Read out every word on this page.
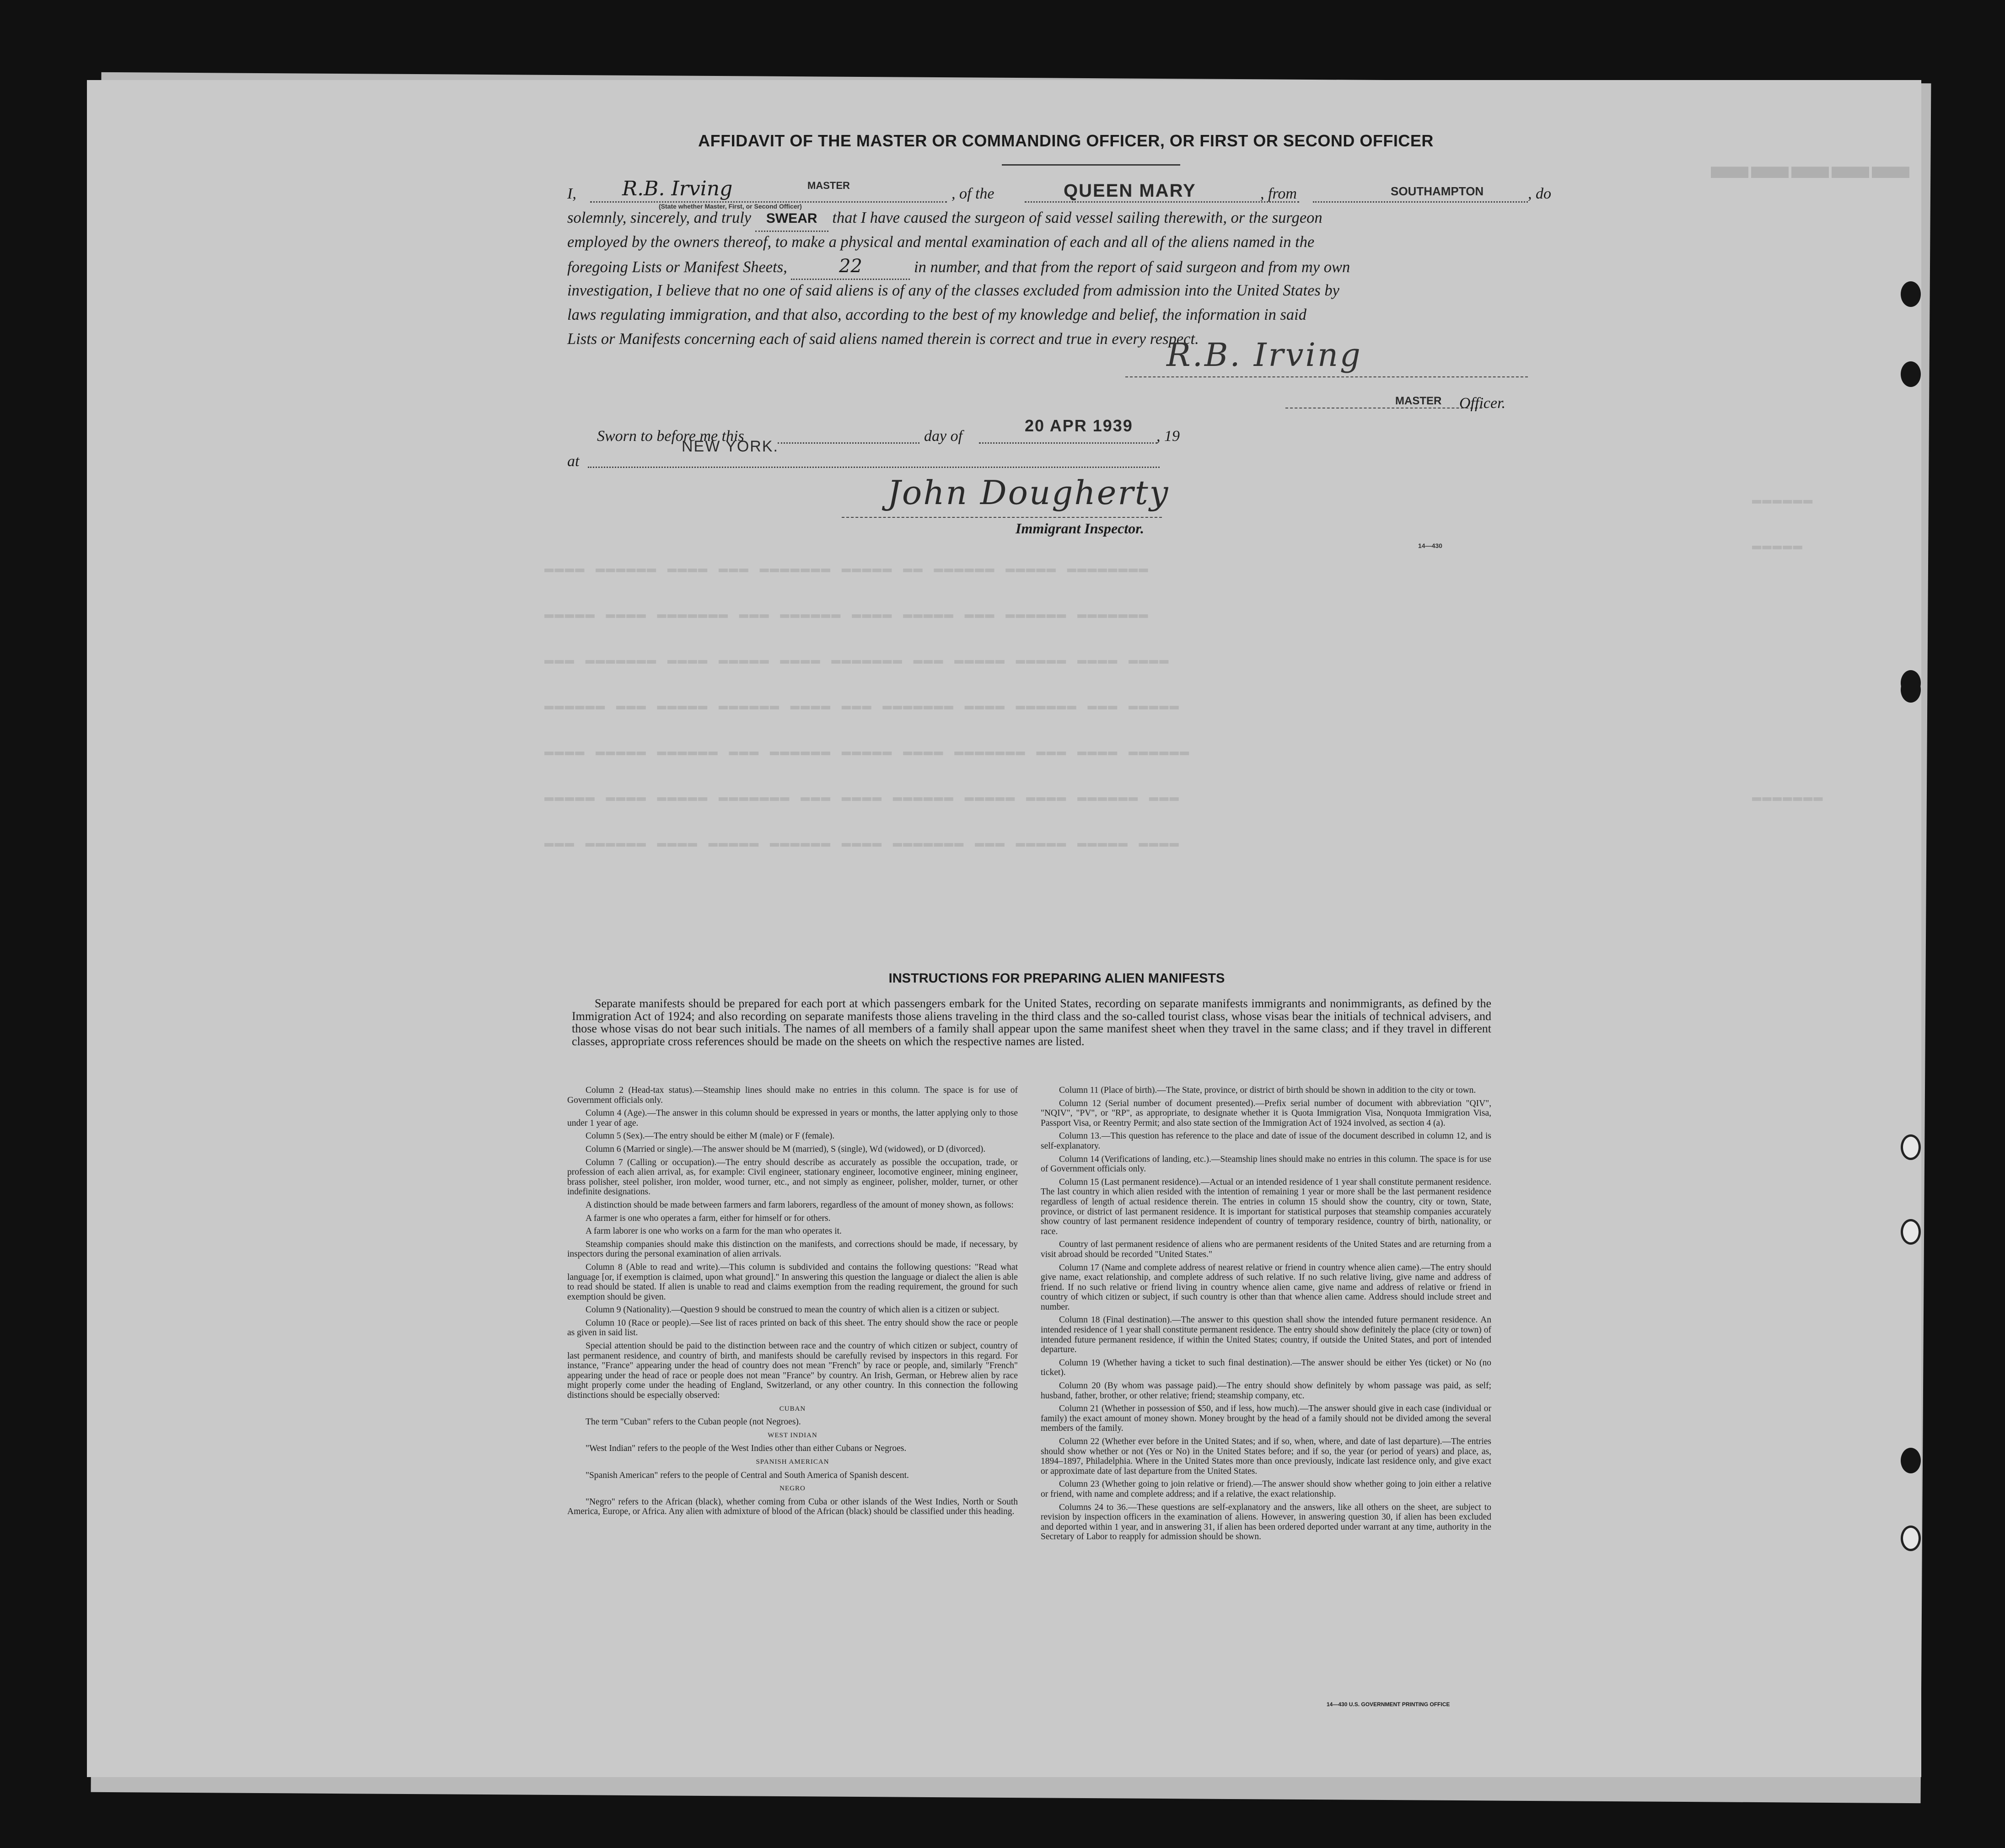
▬▬▬▬▬
▬▬▬▬ ▬▬▬▬▬▬ ▬▬▬▬ ▬▬▬ ▬▬▬▬▬▬▬ ▬▬▬▬▬ ▬▬ ▬▬▬▬▬▬ ▬▬▬▬▬ ▬▬▬▬▬▬▬▬
▬▬▬▬▬ ▬▬▬▬ ▬▬▬▬▬▬▬ ▬▬▬ ▬▬▬▬▬▬ ▬▬▬▬ ▬▬▬▬▬ ▬▬▬ ▬▬▬▬▬▬ ▬▬▬▬▬▬▬
▬▬▬ ▬▬▬▬▬▬▬ ▬▬▬▬ ▬▬▬▬▬ ▬▬▬▬ ▬▬▬▬▬▬▬ ▬▬▬ ▬▬▬▬▬ ▬▬▬▬▬ ▬▬▬▬ ▬▬▬▬
▬▬▬▬▬▬ ▬▬▬ ▬▬▬▬▬ ▬▬▬▬▬▬ ▬▬▬▬ ▬▬▬ ▬▬▬▬▬▬▬ ▬▬▬▬ ▬▬▬▬▬▬ ▬▬▬ ▬▬▬▬▬
▬▬▬▬ ▬▬▬▬▬ ▬▬▬▬▬▬ ▬▬▬ ▬▬▬▬▬▬ ▬▬▬▬▬ ▬▬▬▬ ▬▬▬▬▬▬▬ ▬▬▬ ▬▬▬▬ ▬▬▬▬▬▬
▬▬▬▬▬ ▬▬▬▬ ▬▬▬▬▬ ▬▬▬▬▬▬▬ ▬▬▬ ▬▬▬▬ ▬▬▬▬▬▬ ▬▬▬▬▬ ▬▬▬▬ ▬▬▬▬▬▬ ▬▬▬
▬▬▬ ▬▬▬▬▬▬ ▬▬▬▬ ▬▬▬▬▬ ▬▬▬▬▬▬ ▬▬▬▬ ▬▬▬▬▬▬▬ ▬▬▬ ▬▬▬▬▬ ▬▬▬▬▬ ▬▬▬▬
▬▬▬▬▬▬
▬▬▬▬▬
▬▬▬▬▬▬▬
AFFIDAVIT OF THE MASTER OR COMMANDING OFFICER, OR FIRST OR SECOND OFFICER
I, R.B. Irving	MASTER
(State whether Master, First, or Second Officer)
, of the	QUEEN MARY	, from	SOUTHAMPTON	, do
solemnly, sincerely, and truly SWEAR that I have caused the surgeon of said vessel sailing therewith, or the surgeon
employed by the owners thereof, to make a physical and mental examination of each and all of the aliens named in the
foregoing Lists or Manifest Sheets,	22	in number, and that from the report of said surgeon and from my own
investigation, I believe that no one of said aliens is of any of the classes excluded from admission into the United States by
laws regulating immigration, and that also, according to the best of my knowledge and belief, the information in said
Lists or Manifests concerning each of said aliens named therein is correct and true in every respect.
R.B. Irving
MASTER Officer.
Sworn to before me this	day of
20 APR 1939
, 19
NEW YORK.
at
John Dougherty
Immigrant Inspector.
14—430
INSTRUCTIONS FOR PREPARING ALIEN MANIFESTS
Separate manifests should be prepared for each port at which passengers embark for the United States, recording on separate manifests immigrants and nonimmigrants, as defined by the Immigration Act of 1924; and also recording on separate manifests those aliens traveling in the third class and the so-called tourist class, whose visas bear the initials of technical advisers, and those whose visas do not bear such initials. The names of all members of a family shall appear upon the same manifest sheet when they travel in the same class; and if they travel in different classes, appropriate cross references should be made on the sheets on which the respective names are listed.

Column 2 (Head-tax status).—Steamship lines should make no entries in this column. The space is for use of Government officials only.

Column 4 (Age).—The answer in this column should be expressed in years or months, the latter applying only to those under 1 year of age.

Column 5 (Sex).—The entry should be either M (male) or F (female).

Column 6 (Married or single).—The answer should be M (married), S (single), Wd (widowed), or D (divorced).

Column 7 (Calling or occupation).—The entry should describe as accurately as possible the occupation, trade, or profession of each alien arrival, as, for example: Civil engineer, stationary engineer, locomotive engineer, mining engineer, brass polisher, steel polisher, iron molder, wood turner, etc., and not simply as engineer, polisher, molder, turner, or other indefinite designations.

A distinction should be made between farmers and farm laborers, regardless of the amount of money shown, as follows:

A farmer is one who operates a farm, either for himself or for others.

A farm laborer is one who works on a farm for the man who operates it.

Steamship companies should make this distinction on the manifests, and corrections should be made, if necessary, by inspectors during the personal examination of alien arrivals.

Column 8 (Able to read and write).—This column is subdivided and contains the following questions: "Read what language [or, if exemption is claimed, upon what ground]." In answering this question the language or dialect the alien is able to read should be stated. If alien is unable to read and claims exemption from the reading requirement, the ground for such exemption should be given.

Column 9 (Nationality).—Question 9 should be construed to mean the country of which alien is a citizen or subject.

Column 10 (Race or people).—See list of races printed on back of this sheet. The entry should show the race or people as given in said list.

Special attention should be paid to the distinction between race and the country of which citizen or subject, country of last permanent residence, and country of birth, and manifests should be carefully revised by inspectors in this regard. For instance, "France" appearing under the head of country does not mean "French" by race or people, and, similarly "French" appearing under the head of race or people does not mean "France" by country. An Irish, German, or Hebrew alien by race might properly come under the heading of England, Switzerland, or any other country. In this connection the following distinctions should be especially observed:

CUBAN

The term "Cuban" refers to the Cuban people (not Negroes).

WEST INDIAN

"West Indian" refers to the people of the West Indies other than either Cubans or Negroes.

SPANISH AMERICAN

"Spanish American" refers to the people of Central and South America of Spanish descent.

NEGRO

"Negro" refers to the African (black), whether coming from Cuba or other islands of the West Indies, North or South America, Europe, or Africa. Any alien with admixture of blood of the African (black) should be classified under this heading.

Column 11 (Place of birth).—The State, province, or district of birth should be shown in addition to the city or town.

Column 12 (Serial number of document presented).—Prefix serial number of document with abbreviation "QIV", "NQIV", "PV", or "RP", as appropriate, to designate whether it is Quota Immigration Visa, Nonquota Immigration Visa, Passport Visa, or Reentry Permit; and also state section of the Immigration Act of 1924 involved, as section 4 (a).

Column 13.—This question has reference to the place and date of issue of the document described in column 12, and is self-explanatory.

Column 14 (Verifications of landing, etc.).—Steamship lines should make no entries in this column. The space is for use of Government officials only.

Column 15 (Last permanent residence).—Actual or an intended residence of 1 year shall constitute permanent residence. The last country in which alien resided with the intention of remaining 1 year or more shall be the last permanent residence regardless of length of actual residence therein. The entries in column 15 should show the country, city or town, State, province, or district of last permanent residence. It is important for statistical purposes that steamship companies accurately show country of last permanent residence independent of country of temporary residence, country of birth, nationality, or race.

Country of last permanent residence of aliens who are permanent residents of the United States and are returning from a visit abroad should be recorded "United States."

Column 17 (Name and complete address of nearest relative or friend in country whence alien came).—The entry should give name, exact relationship, and complete address of such relative. If no such relative living, give name and address of friend. If no such relative or friend living in country whence alien came, give name and address of relative or friend in country of which citizen or subject, if such country is other than that whence alien came. Address should include street and number.

Column 18 (Final destination).—The answer to this question shall show the intended future permanent residence. An intended residence of 1 year shall constitute permanent residence. The entry should show definitely the place (city or town) of intended future permanent residence, if within the United States; country, if outside the United States, and port of intended departure.

Column 19 (Whether having a ticket to such final destination).—The answer should be either Yes (ticket) or No (no ticket).

Column 20 (By whom was passage paid).—The entry should show definitely by whom passage was paid, as self; husband, father, brother, or other relative; friend; steamship company, etc.

Column 21 (Whether in possession of $50, and if less, how much).—The answer should give in each case (individual or family) the exact amount of money shown. Money brought by the head of a family should not be divided among the several members of the family.

Column 22 (Whether ever before in the United States; and if so, when, where, and date of last departure).—The entries should show whether or not (Yes or No) in the United States before; and if so, the year (or period of years) and place, as, 1894–1897, Philadelphia. Where in the United States more than once previously, indicate last residence only, and give exact or approximate date of last departure from the United States.

Column 23 (Whether going to join relative or friend).—The answer should show whether going to join either a relative or friend, with name and complete address; and if a relative, the exact relationship.

Columns 24 to 36.—These questions are self-explanatory and the answers, like all others on the sheet, are subject to revision by inspection officers in the examination of aliens. However, in answering question 30, if alien has been excluded and deported within 1 year, and in answering 31, if alien has been ordered deported under warrant at any time, authority in the Secretary of Labor to reapply for admission should be shown.

14—430 U.S. GOVERNMENT PRINTING OFFICE
